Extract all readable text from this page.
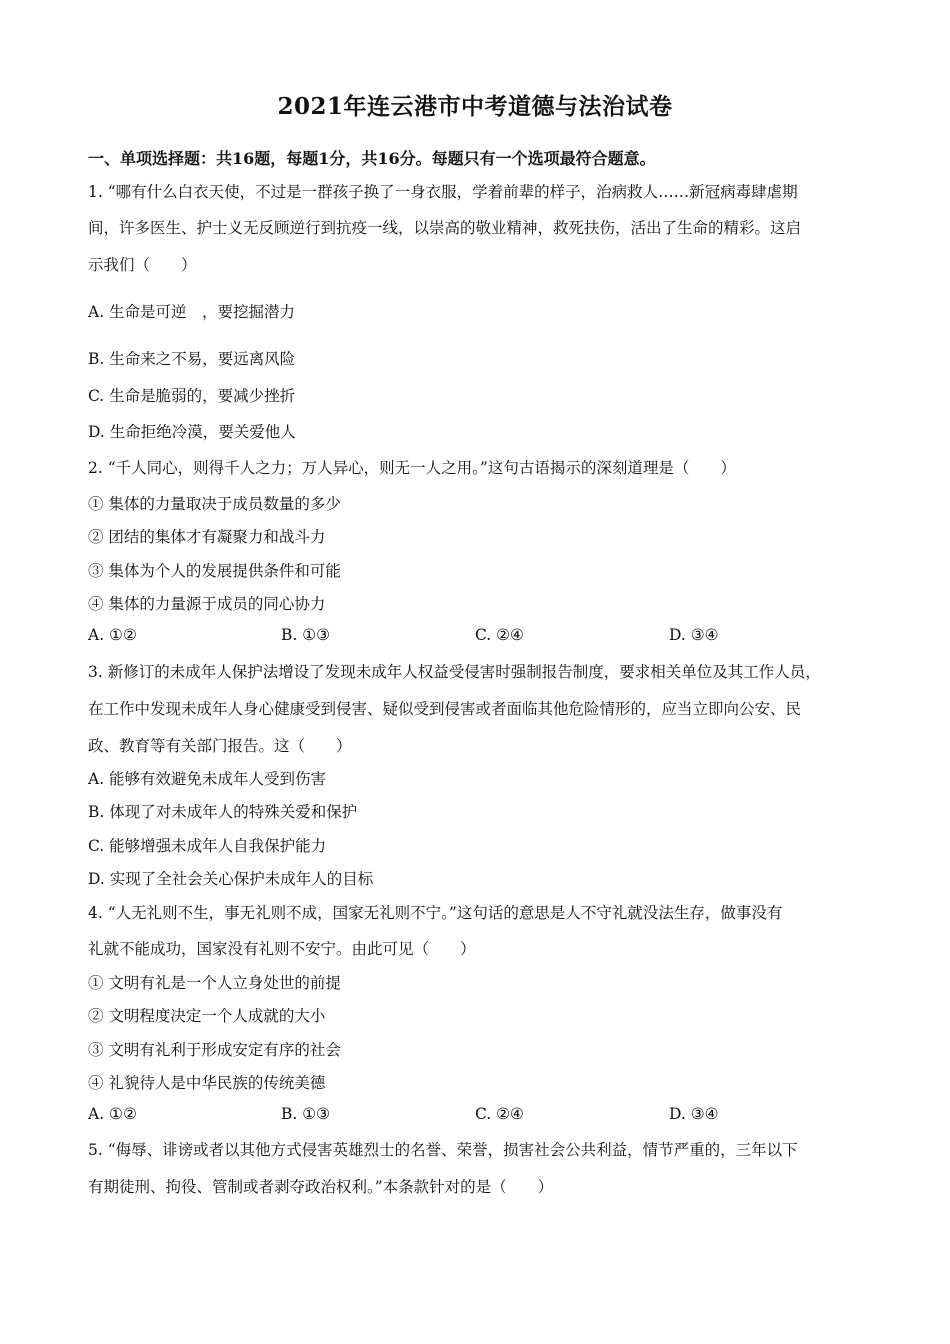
2021年连云港市中考道德与法治试卷
一、单项选择题：共16题，每题1分，共16分。每题只有一个选项最符合题意。
1. “哪有什么白衣天使，不过是一群孩子换了一身衣服，学着前辈的样子，治病救人……新冠病毒肆虐期
间，许多医生、护士义无反顾逆行到抗疫一线，以崇高的敬业精神，救死扶伤，活出了生命的精彩。这启
示我们（　　）
A. 生命是可逆　，要挖掘潜力
B. 生命来之不易，要远离风险
C. 生命是脆弱的，要减少挫折
D. 生命拒绝冷漠，要关爱他人
2. “千人同心，则得千人之力；万人异心，则无一人之用。”这句古语揭示的深刻道理是（　　）
① 集体的力量取决于成员数量的多少
② 团结的集体才有凝聚力和战斗力
③ 集体为个人的发展提供条件和可能
④ 集体的力量源于成员的同心协力
A. ①②	B. ①③	C. ②④	D. ③④
3. 新修订的未成年人保护法增设了发现未成年人权益受侵害时强制报告制度，要求相关单位及其工作人员，
在工作中发现未成年人身心健康受到侵害、疑似受到侵害或者面临其他危险情形的，应当立即向公安、民
政、教育等有关部门报告。这（　　）
A. 能够有效避免未成年人受到伤害
B. 体现了对未成年人的特殊关爱和保护
C. 能够增强未成年人自我保护能力
D. 实现了全社会关心保护未成年人的目标
4. “人无礼则不生，事无礼则不成，国家无礼则不宁。”这句话的意思是人不守礼就没法生存，做事没有
礼就不能成功，国家没有礼则不安宁。由此可见（　　）
① 文明有礼是一个人立身处世的前提
② 文明程度决定一个人成就的大小
③ 文明有礼利于形成安定有序的社会
④ 礼貌待人是中华民族的传统美德
A. ①②	B. ①③	C. ②④	D. ③④
5. “侮辱、诽谤或者以其他方式侵害英雄烈士的名誉、荣誉，损害社会公共利益，情节严重的，三年以下
有期徒刑、拘役、管制或者剥夺政治权利。”本条款针对的是（　　）
